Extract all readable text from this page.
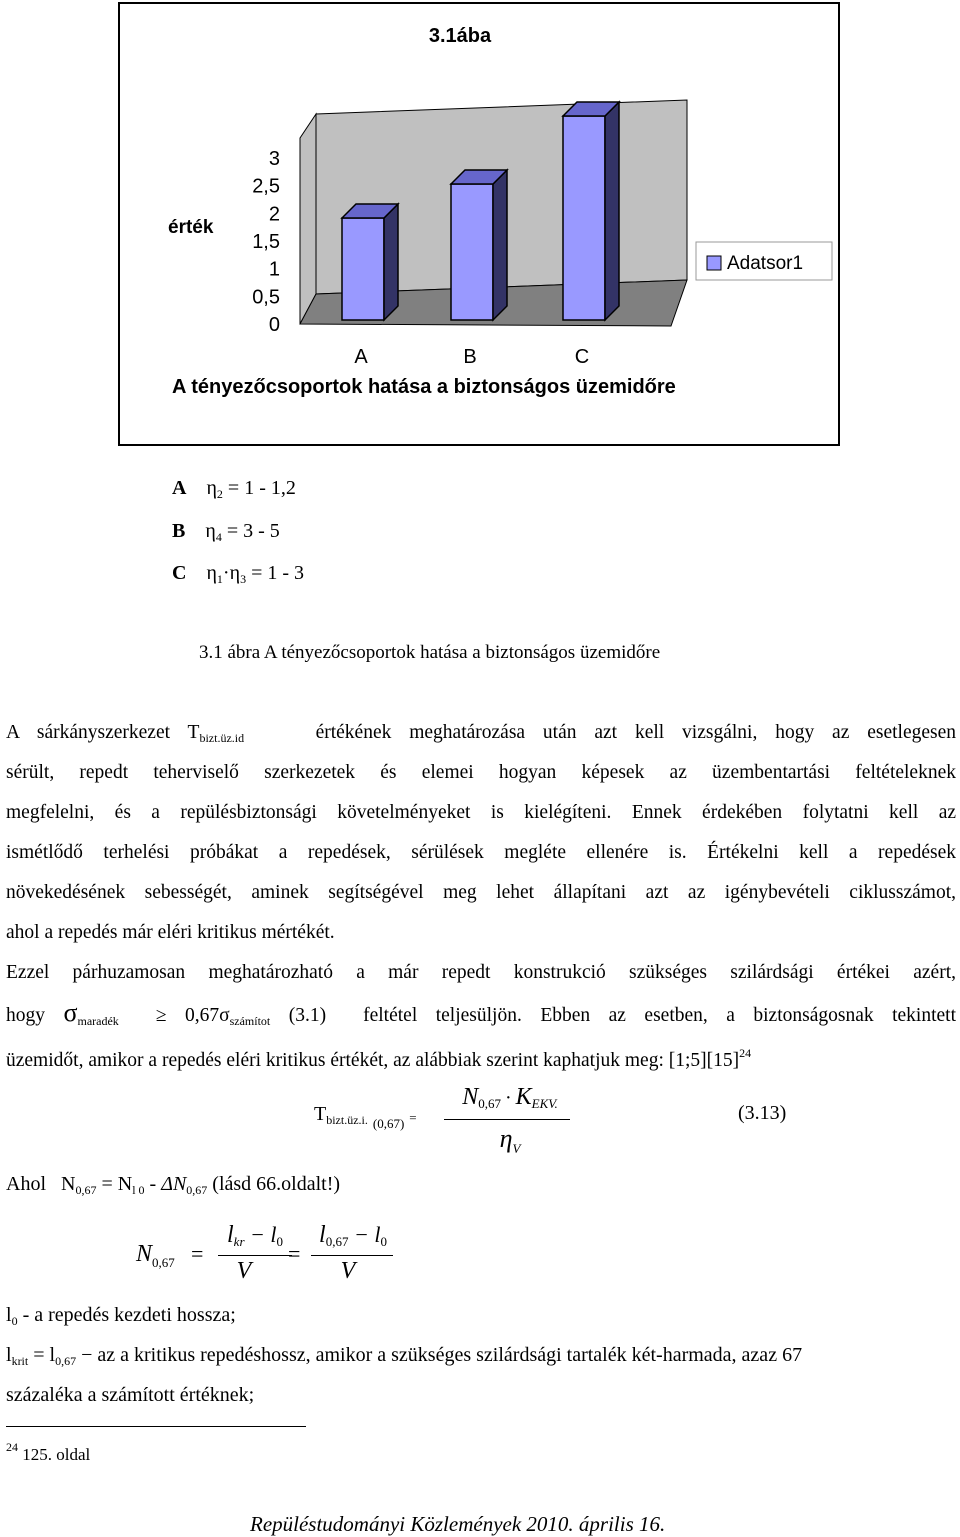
3.1ába
érték
A tényezőcsoportok hatása a biztonságos üzemidőre
0
0,5
1
1,5
2
2,5
3
A	B	C
Adatsor1
A $\eta_2 = 1 - 1,2$
B $\eta_4 = 3 - 5$
C $\eta_1\cdot\eta_3 = 1 - 3$
3.1 ábra A tényezőcsoportok hatása a biztonságos üzemidőre
A sárkányszerkezet $T_{bizt.üz.id}$	értékének meghatározása után azt kell vizsgálni, hogy az esetlegesen
sérült, repedt teherviselő szerkezetek és elemei hogyan képesek az üzembentartási feltételeknek
megfelelni, és a repülésbiztonsági követelményeket is kielégíteni. Ennek érdekében folytatni kell az
ismétlődő terhelési próbákat a repedések, sérülések megléte ellenére is. Értékelni kell a repedések
növekedésének sebességét, aminek segítségével meg lehet állapítani azt az igénybevételi ciklusszámot,
ahol a repedés már eléri kritikus mértékét.
Ezzel párhuzamosan meghatározható a már repedt konstrukció szükséges szilárdsági értékei azért,
hogy $\sigma_{maradék} \ge 0,67\sigma_{számítot}$ (3.1) feltétel teljesüljön. Ebben az esetben, a biztonságosnak tekintett
üzemidőt, amikor a repedés eléri kritikus értékét, az alábbiak szerint kaphatjuk meg: $[1;5][15]^{24}$
$T_{bizt.üz.i.}$ $_{(0,67)}$ =
$N_{0,67} \cdot K_{EKV.}$
$\eta_V$
(3.13)
Ahol $N_{0,67} = N_{l 0} - \Delta N_{0,67}$ (lásd 66.oldalt!)
$N_{0,67}$ =
$l_{kr} - l_0$
V
=
$l_{0,67} - l_0$
V
$l_0$ - a repedés kezdeti hossza;
$l_{krit} = l_{0,67}$ − az a kritikus repedéshossz, amikor a szükséges szilárdsági tartalék két-harmada, azaz 67
százaléka a számított értéknek;
$^{24}$ 125. oldal
Repüléstudományi Közlemények 2010. április 16.
